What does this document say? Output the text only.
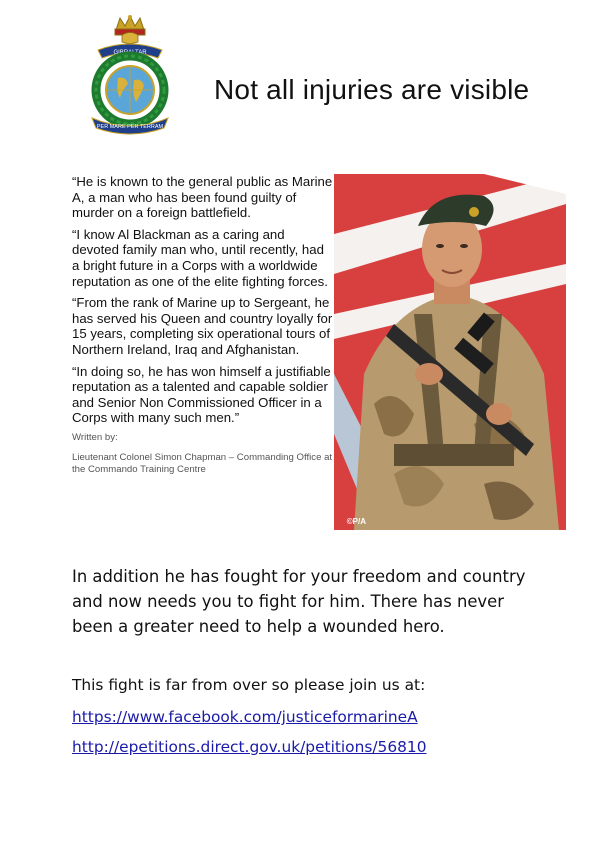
GIBRALTAR
PER MARE PER TERRAM
Not all injuries are visible

“He is known to the general public as Marine A, a man who has been found guilty of murder on a foreign battlefield.

“I know Al Blackman as a caring and devoted family man who, until recently, had a bright future in a Corps with a worldwide reputation as one of the elite fighting forces.

“From the rank of Marine up to Sergeant, he has served his Queen and country loyally for 15 years, completing six operational tours of Northern Ireland, Iraq and Afghanistan.

“In doing so, he has won himself a justifiable reputation as a talented and capable soldier and Senior Non Commissioned Officer in a Corps with many such men.”

Written by:

Lieutenant Colonel Simon Chapman – Commanding Office at the Commando Training Centre

©P/A

In addition he has fought for your freedom and country and now needs you to fight for him. There has never been a greater need to help a wounded hero.

This fight is far from over so please join us at:

https://www.facebook.com/justiceformarineA
http://epetitions.direct.gov.uk/petitions/56810
